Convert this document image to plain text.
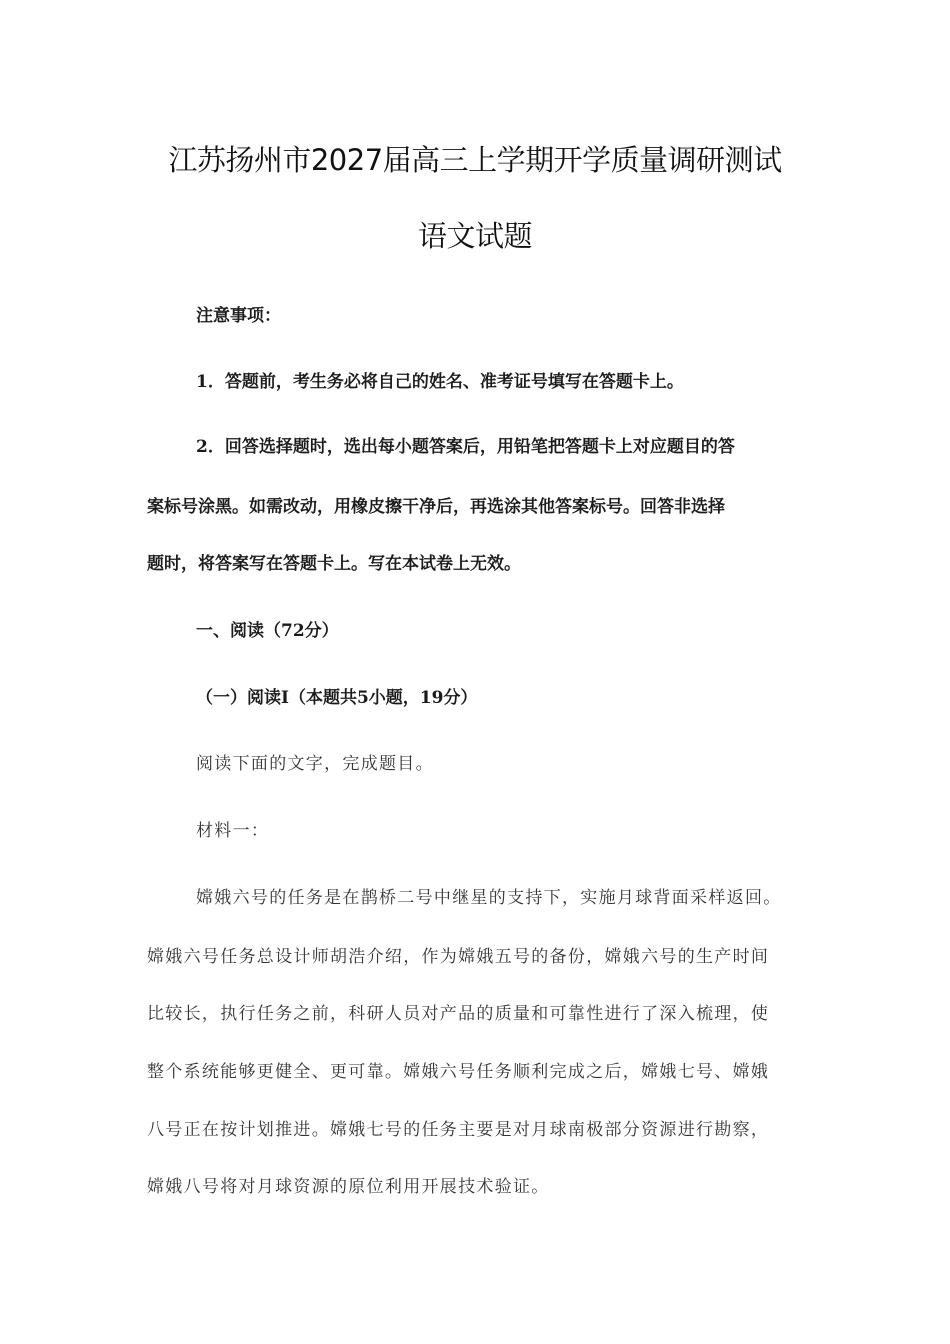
江苏扬州市2027届高三上学期开学质量调研测试
语文试题
注意事项：
1．答题前，考生务必将自己的姓名、准考证号填写在答题卡上。
2．回答选择题时，选出每小题答案后，用铅笔把答题卡上对应题目的答
案标号涂黑。如需改动，用橡皮擦干净后，再选涂其他答案标号。回答非选择
题时，将答案写在答题卡上。写在本试卷上无效。
一、阅读（72分）
（一）阅读Ⅰ（本题共5小题，19分）
阅读下面的文字，完成题目。
材料一：
嫦娥六号的任务是在鹊桥二号中继星的支持下，实施月球背面采样返回。
嫦娥六号任务总设计师胡浩介绍，作为嫦娥五号的备份，嫦娥六号的生产时间
比较长，执行任务之前，科研人员对产品的质量和可靠性进行了深入梳理，使
整个系统能够更健全、更可靠。嫦娥六号任务顺利完成之后，嫦娥七号、嫦娥
八号正在按计划推进。嫦娥七号的任务主要是对月球南极部分资源进行勘察，
嫦娥八号将对月球资源的原位利用开展技术验证。
